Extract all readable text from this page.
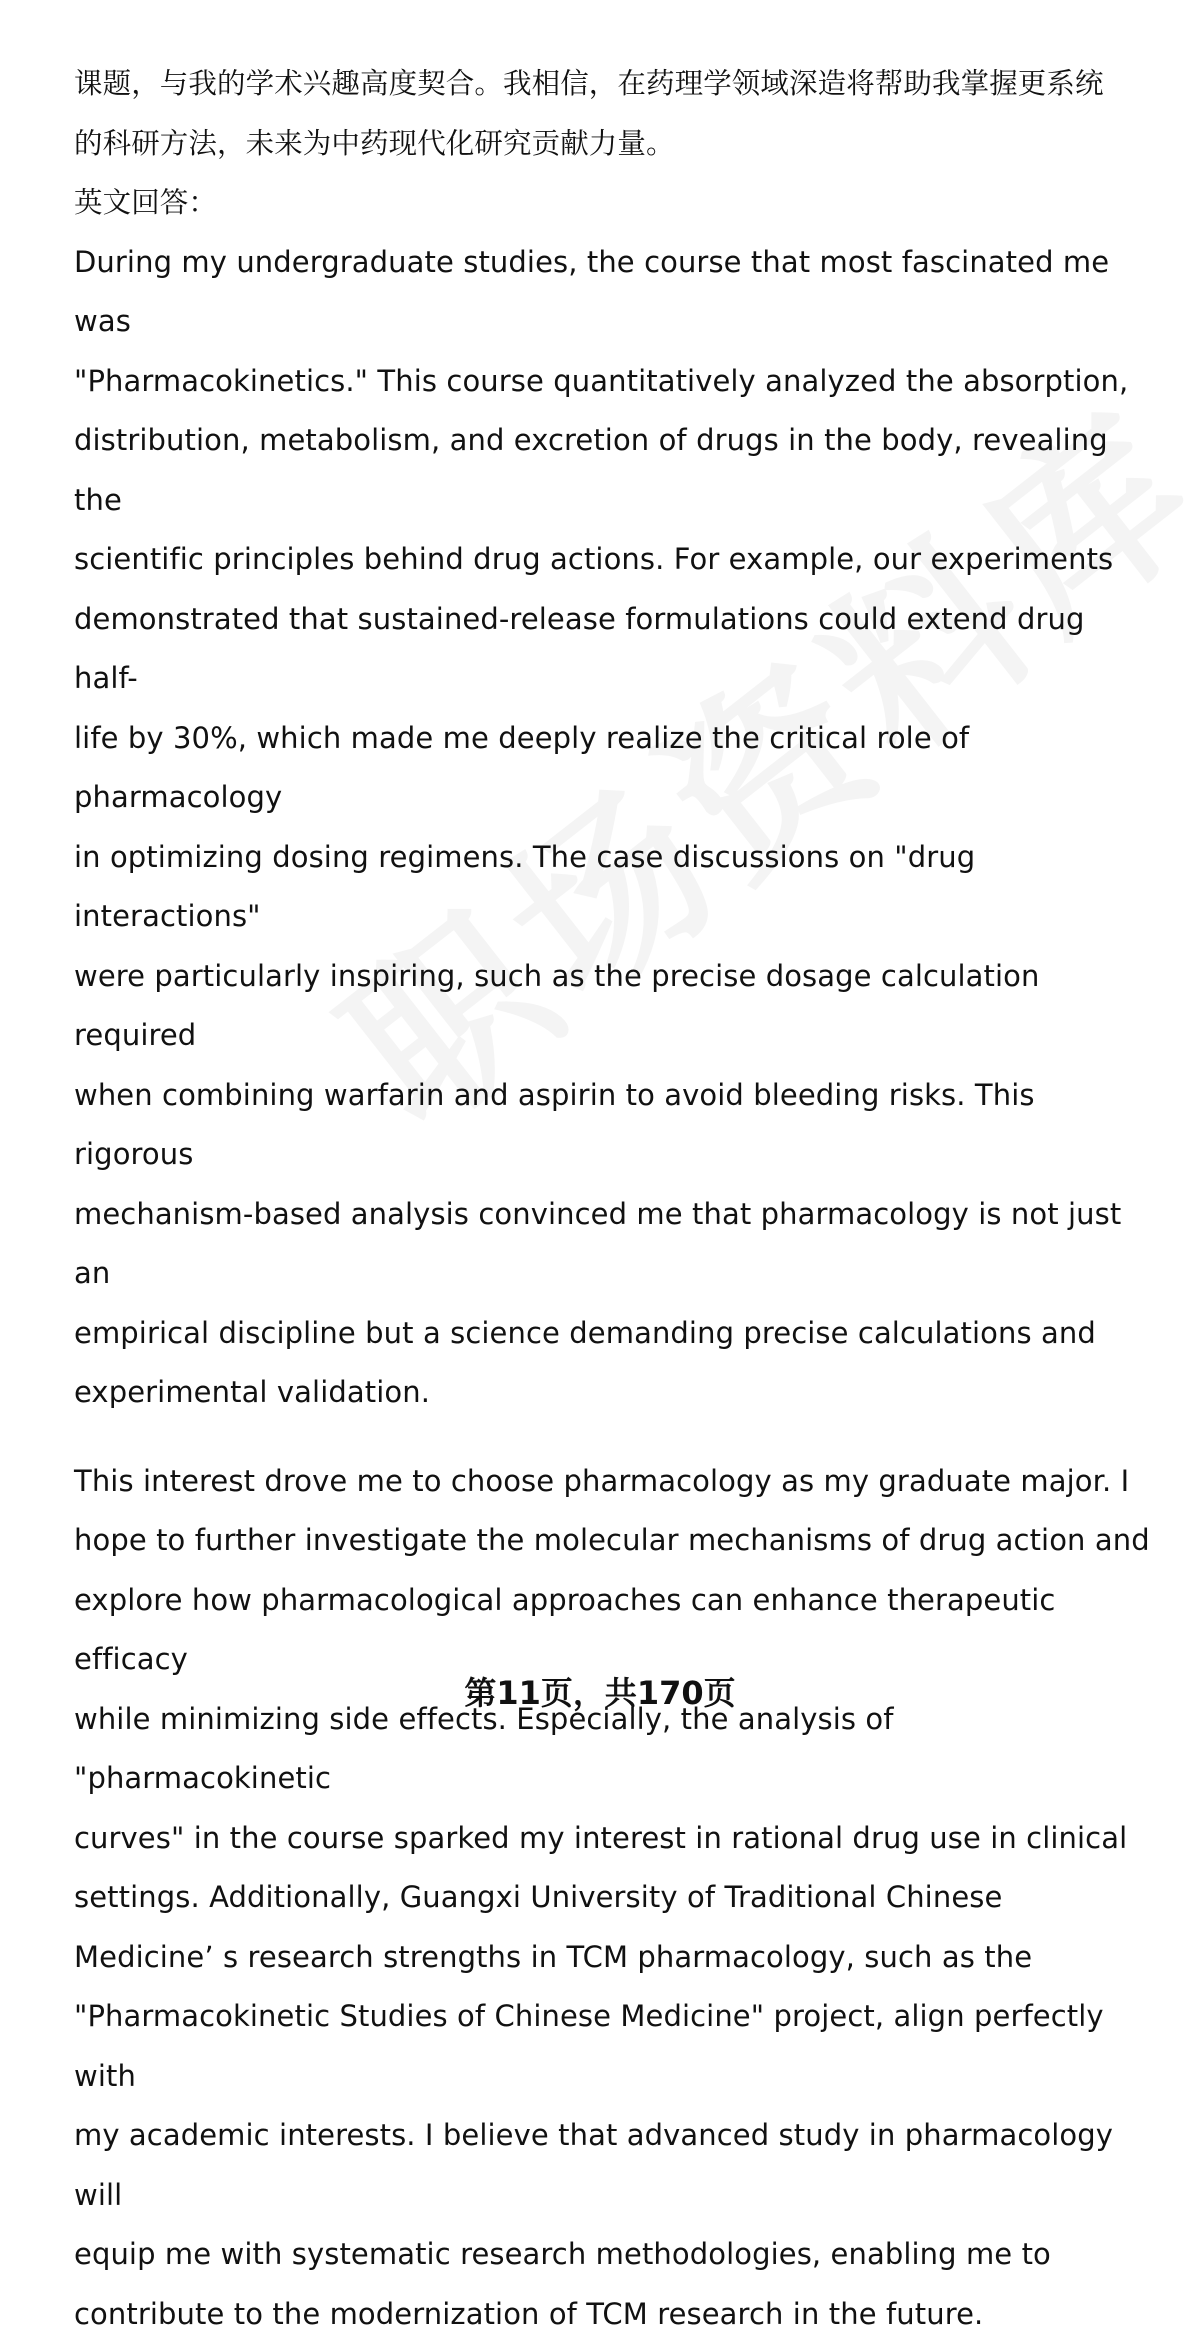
课题，与我的学术兴趣高度契合。我相信，在药理学领域深造将帮助我掌握更系统
的科研方法，未来为中药现代化研究贡献力量。

英文回答：

During my undergraduate studies, the course that most fascinated me was
"Pharmacokinetics." This course quantitatively analyzed the absorption,
distribution, metabolism, and excretion of drugs in the body, revealing the
scientific principles behind drug actions. For example, our experiments
demonstrated that sustained-release formulations could extend drug half-
life by 30%, which made me deeply realize the critical role of pharmacology
in optimizing dosing regimens. The case discussions on "drug interactions"
were particularly inspiring, such as the precise dosage calculation required
when combining warfarin and aspirin to avoid bleeding risks. This rigorous
mechanism-based analysis convinced me that pharmacology is not just an
empirical discipline but a science demanding precise calculations and
experimental validation.

This interest drove me to choose pharmacology as my graduate major. I
hope to further investigate the molecular mechanisms of drug action and
explore how pharmacological approaches can enhance therapeutic efficacy
while minimizing side effects. Especially, the analysis of "pharmacokinetic
curves" in the course sparked my interest in rational drug use in clinical
settings. Additionally, Guangxi University of Traditional Chinese
Medicine’ s research strengths in TCM pharmacology, such as the
"Pharmacokinetic Studies of Chinese Medicine" project, align perfectly with
my academic interests. I believe that advanced study in pharmacology will
equip me with systematic research methodologies, enabling me to
contribute to the modernization of TCM research in the future.

第11页，共170页
